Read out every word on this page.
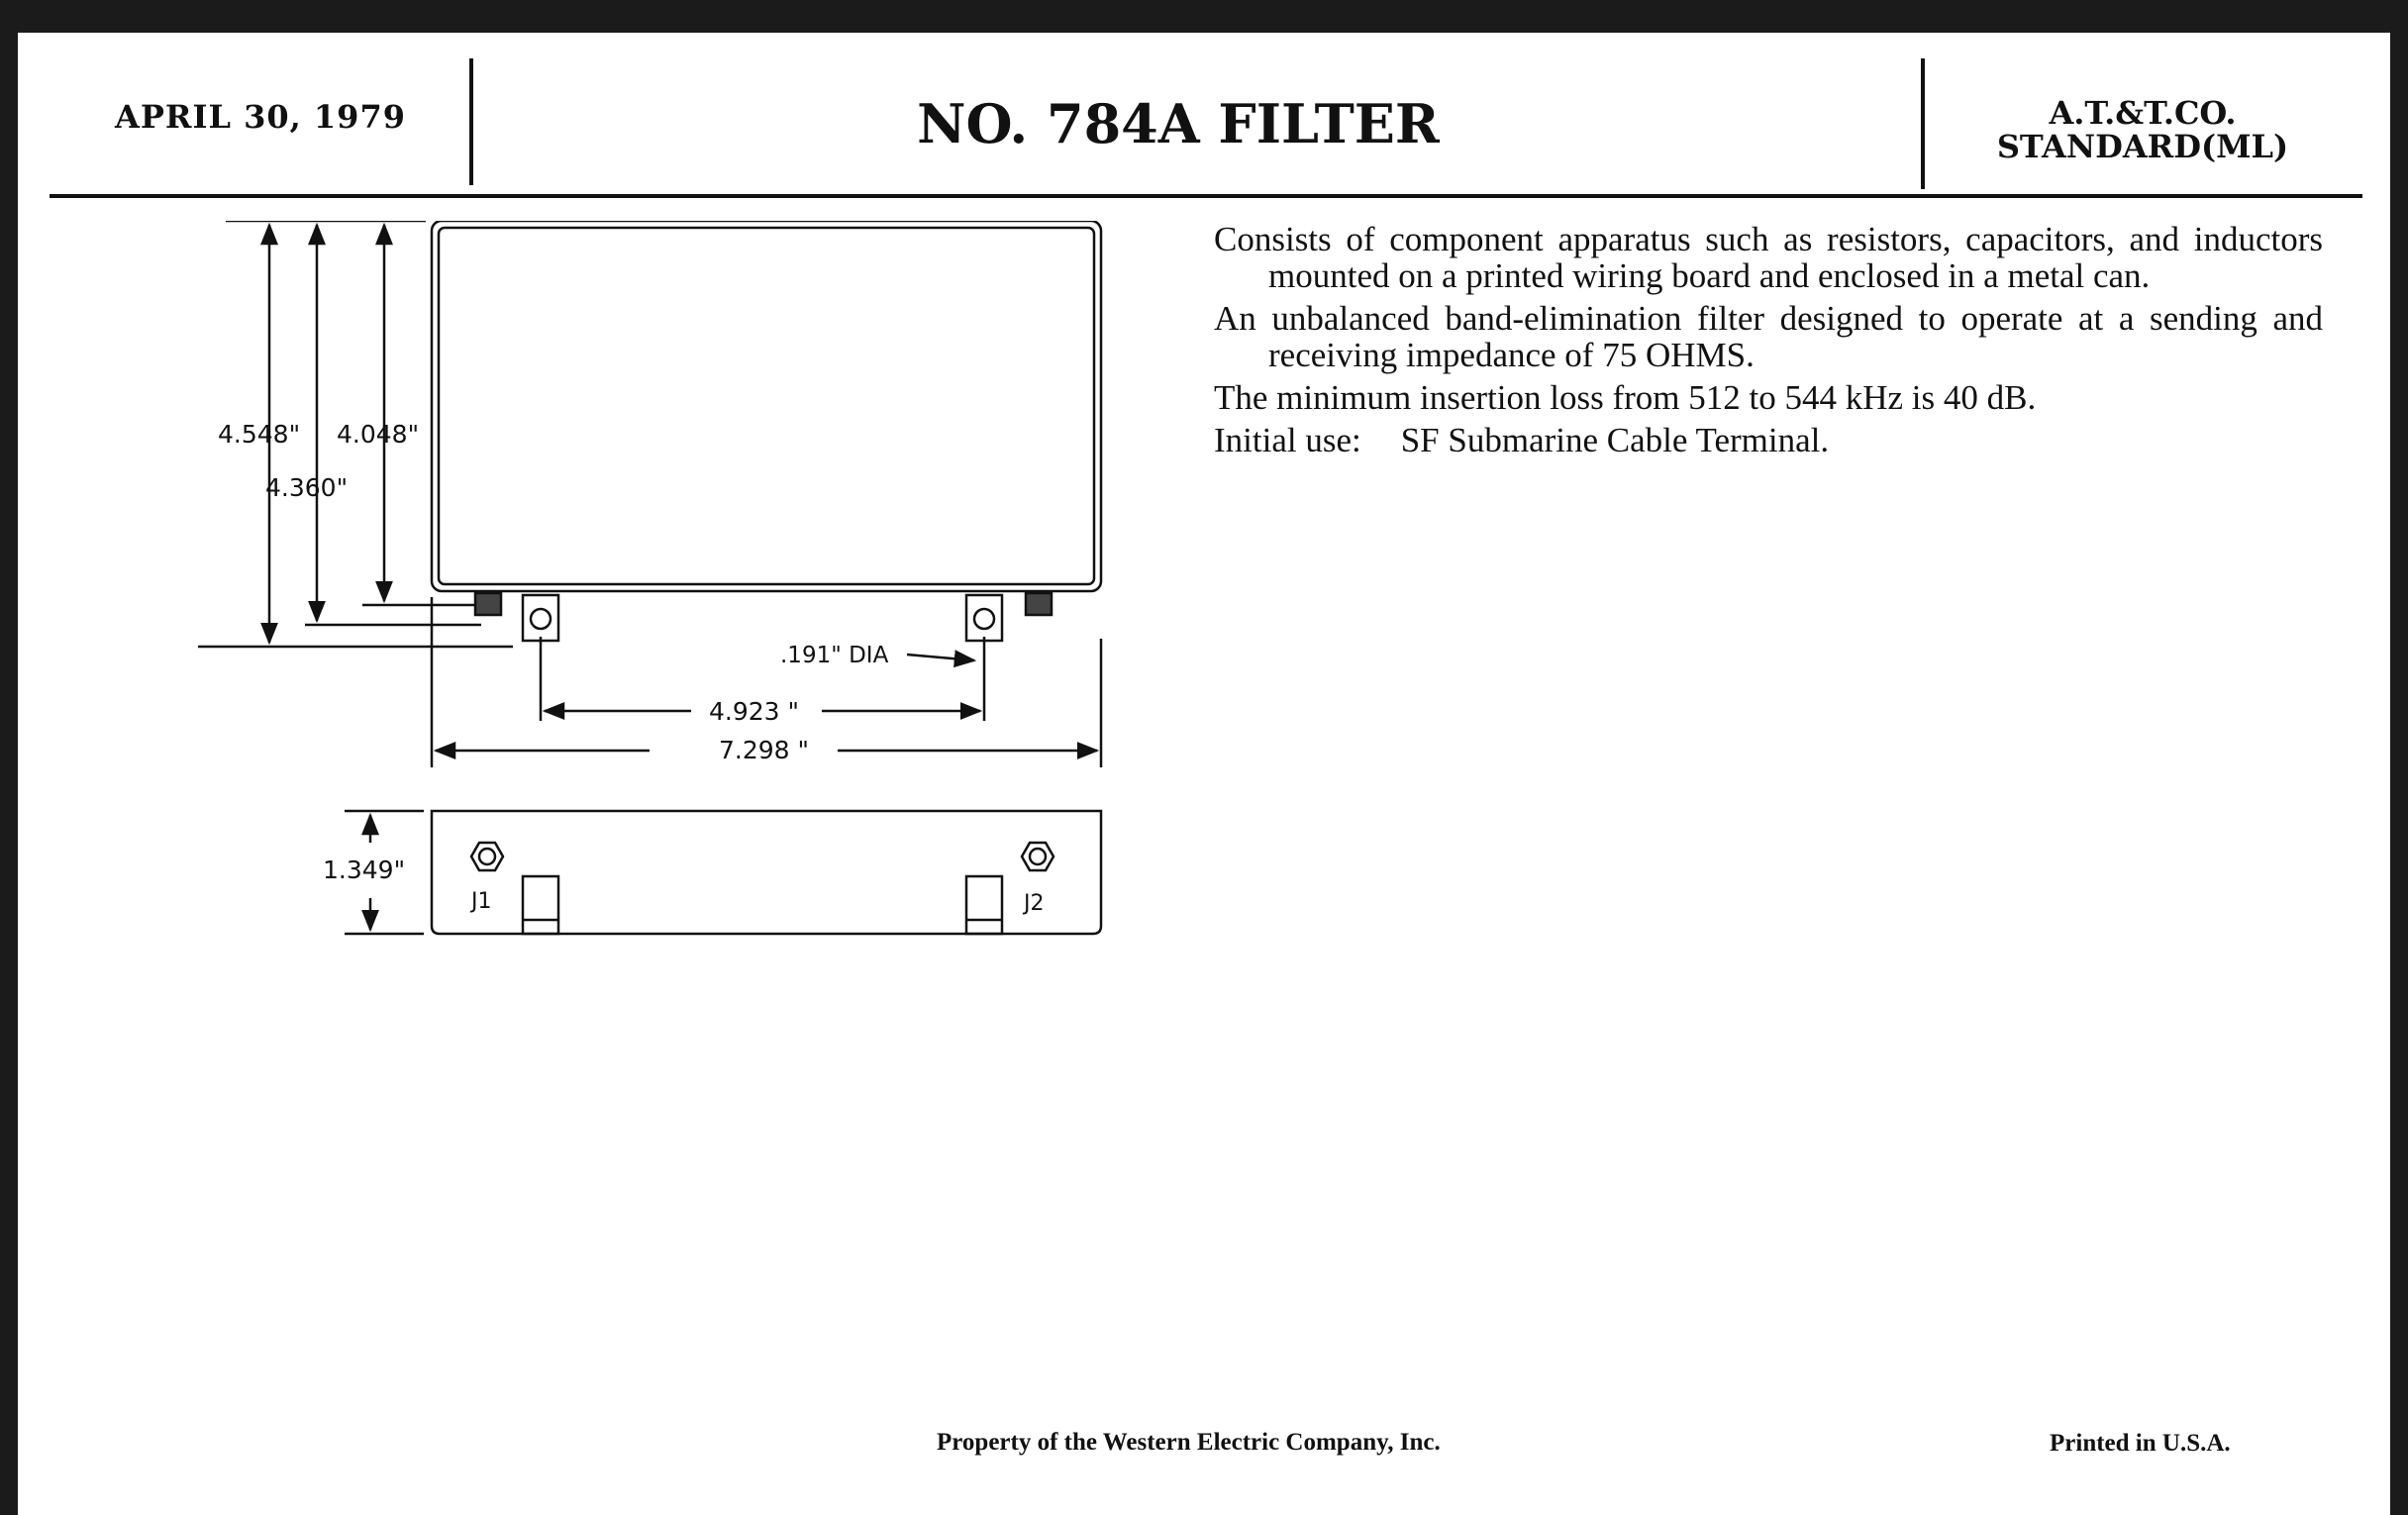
APRIL 30, 1979	NO. 784A FILTER	A.T.&T.CO.
STANDARD(ML)
4.548" 4.048"
4.360"
.191" DIA
4.923 "
7.298 "
1.349"
J1	J2

Consists of component apparatus such as resistors, capacitors, and inductors mounted on a printed wiring board and enclosed in a metal can.

An unbalanced band-elimination filter designed to operate at a sending and receiving impedance of 75 OHMS.

The minimum insertion loss from 512 to 544 kHz is 40 dB.

Initial use: SF Submarine Cable Terminal.
Property of the Western Electric Company, Inc.	Printed in U.S.A.
